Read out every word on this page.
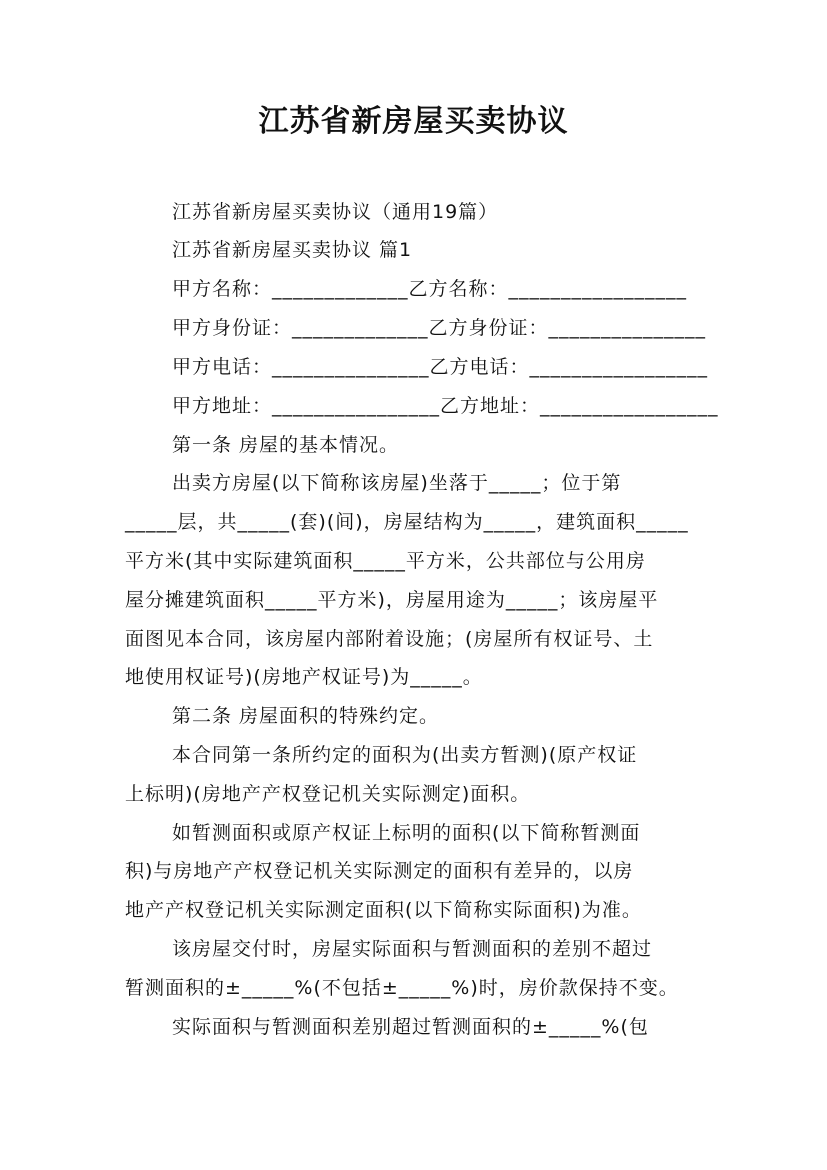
江苏省新房屋买卖协议
江苏省新房屋买卖协议（通用19篇）
江苏省新房屋买卖协议 篇1
甲方名称：_____________乙方名称：_________________
甲方身份证：_____________乙方身份证：_______________
甲方电话：_______________乙方电话：_________________
甲方地址：________________乙方地址：_________________
第一条 房屋的基本情况。
出卖方房屋(以下简称该房屋)坐落于_____；位于第
_____层，共_____(套)(间)，房屋结构为_____，建筑面积_____
平方米(其中实际建筑面积_____平方米，公共部位与公用房
屋分摊建筑面积_____平方米)，房屋用途为_____；该房屋平
面图见本合同，该房屋内部附着设施；(房屋所有权证号、土
地使用权证号)(房地产权证号)为_____。
第二条 房屋面积的特殊约定。
本合同第一条所约定的面积为(出卖方暂测)(原产权证
上标明)(房地产产权登记机关实际测定)面积。
如暂测面积或原产权证上标明的面积(以下简称暂测面
积)与房地产产权登记机关实际测定的面积有差异的，以房
地产产权登记机关实际测定面积(以下简称实际面积)为准。
该房屋交付时，房屋实际面积与暂测面积的差别不超过
暂测面积的±_____%(不包括±_____%)时，房价款保持不变。
实际面积与暂测面积差别超过暂测面积的±_____%(包
